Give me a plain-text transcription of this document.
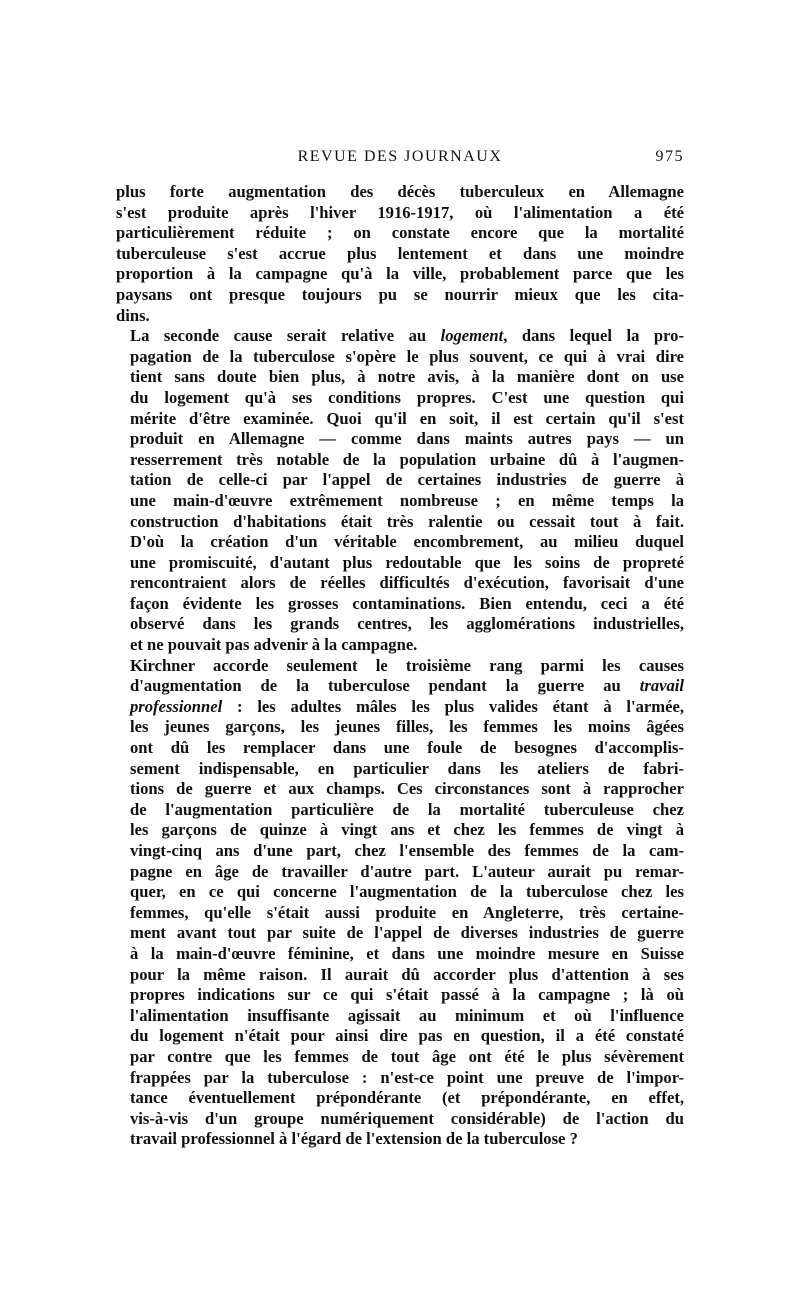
REVUE DES JOURNAUX	975

plus forte augmentation des décès tuberculeux en Allemagne
s'est produite après l'hiver 1916-1917, où l'alimentation a été
particulièrement réduite ; on constate encore que la mortalité
tuberculeuse s'est accrue plus lentement et dans une moindre
proportion à la campagne qu'à la ville, probablement parce que les
paysans ont presque toujours pu se nourrir mieux que les cita-
dins.

La seconde cause serait relative au logement, dans lequel la pro-
pagation de la tuberculose s'opère le plus souvent, ce qui à vrai dire
tient sans doute bien plus, à notre avis, à la manière dont on use
du logement qu'à ses conditions propres. C'est une question qui
mérite d'être examinée. Quoi qu'il en soit, il est certain qu'il s'est
produit en Allemagne — comme dans maints autres pays — un
resserrement très notable de la population urbaine dû à l'augmen-
tation de celle-ci par l'appel de certaines industries de guerre à
une main-d'œuvre extrêmement nombreuse ; en même temps la
construction d'habitations était très ralentie ou cessait tout à fait.
D'où la création d'un véritable encombrement, au milieu duquel
une promiscuité, d'autant plus redoutable que les soins de propreté
rencontraient alors de réelles difficultés d'exécution, favorisait d'une
façon évidente les grosses contaminations. Bien entendu, ceci a été
observé dans les grands centres, les agglomérations industrielles,
et ne pouvait pas advenir à la campagne.

Kirchner accorde seulement le troisième rang parmi les causes
d'augmentation de la tuberculose pendant la guerre au travail
professionnel : les adultes mâles les plus valides étant à l'armée,
les jeunes garçons, les jeunes filles, les femmes les moins âgées
ont dû les remplacer dans une foule de besognes d'accomplis-
sement indispensable, en particulier dans les ateliers de fabri-
tions de guerre et aux champs. Ces circonstances sont à rapprocher
de l'augmentation particulière de la mortalité tuberculeuse chez
les garçons de quinze à vingt ans et chez les femmes de vingt à
vingt-cinq ans d'une part, chez l'ensemble des femmes de la cam-
pagne en âge de travailler d'autre part. L'auteur aurait pu remar-
quer, en ce qui concerne l'augmentation de la tuberculose chez les
femmes, qu'elle s'était aussi produite en Angleterre, très certaine-
ment avant tout par suite de l'appel de diverses industries de guerre
à la main-d'œuvre féminine, et dans une moindre mesure en Suisse
pour la même raison. Il aurait dû accorder plus d'attention à ses
propres indications sur ce qui s'était passé à la campagne ; là où
l'alimentation insuffisante agissait au minimum et où l'influence
du logement n'était pour ainsi dire pas en question, il a été constaté
par contre que les femmes de tout âge ont été le plus sévèrement
frappées par la tuberculose : n'est-ce point une preuve de l'impor-
tance éventuellement prépondérante (et prépondérante, en effet,
vis-à-vis d'un groupe numériquement considérable) de l'action du
travail professionnel à l'égard de l'extension de la tuberculose ?
